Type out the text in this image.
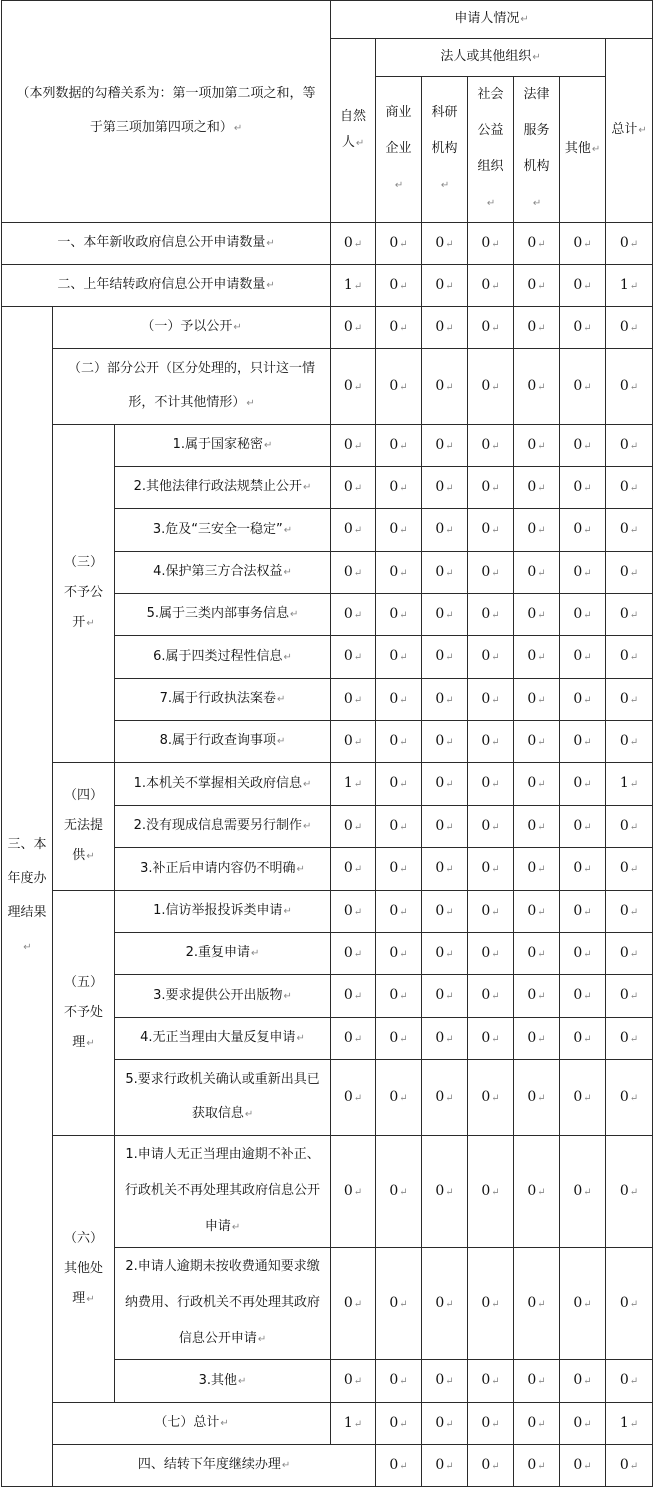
（本列数据的勾稽关系为：第一项加第二项之和，等于第三项加第四项之和）↵			申请人情况↵							
			自然人↵	法人或其他组织↵					总计↵	
				商业企业↵	科研机构↵	社会公益组织↵	法律服务机构↵	其他↵		
一、本年新收政府信息公开申请数量↵			0↵	0↵	0↵	0↵	0↵	0↵	0↵	
二、上年结转政府信息公开申请数量↵			1↵	0↵	0↵	0↵	0↵	0↵	1↵	
三、本年度办理结果↵	（一）予以公开↵		0↵	0↵	0↵	0↵	0↵	0↵	0↵	
	（二）部分公开（区分处理的，只计这一情形，不计其他情形）↵		0↵	0↵	0↵	0↵	0↵	0↵	0↵	
	（三）不予公开↵	1.属于国家秘密↵	0↵	0↵	0↵	0↵	0↵	0↵	0↵	
		2.其他法律行政法规禁止公开↵	0↵	0↵	0↵	0↵	0↵	0↵	0↵	
		3.危及“三安全一稳定”↵	0↵	0↵	0↵	0↵	0↵	0↵	0↵	
		4.保护第三方合法权益↵	0↵	0↵	0↵	0↵	0↵	0↵	0↵	
		5.属于三类内部事务信息↵	0↵	0↵	0↵	0↵	0↵	0↵	0↵	
		6.属于四类过程性信息↵	0↵	0↵	0↵	0↵	0↵	0↵	0↵	
		7.属于行政执法案卷↵	0↵	0↵	0↵	0↵	0↵	0↵	0↵	
		8.属于行政查询事项↵	0↵	0↵	0↵	0↵	0↵	0↵	0↵	
	（四）无法提供↵	1.本机关不掌握相关政府信息↵	1↵	0↵	0↵	0↵	0↵	0↵	1↵	
		2.没有现成信息需要另行制作↵	0↵	0↵	0↵	0↵	0↵	0↵	0↵	
		3.补正后申请内容仍不明确↵	0↵	0↵	0↵	0↵	0↵	0↵	0↵	
	（五）不予处理↵	1.信访举报投诉类申请↵	0↵	0↵	0↵	0↵	0↵	0↵	0↵	
		2.重复申请↵	0↵	0↵	0↵	0↵	0↵	0↵	0↵	
		3.要求提供公开出版物↵	0↵	0↵	0↵	0↵	0↵	0↵	0↵	
		4.无正当理由大量反复申请↵	0↵	0↵	0↵	0↵	0↵	0↵	0↵	
		5.要求行政机关确认或重新出具已获取信息↵	0↵	0↵	0↵	0↵	0↵	0↵	0↵	
	（六）其他处理↵	1.申请人无正当理由逾期不补正、行政机关不再处理其政府信息公开申请↵	0↵	0↵	0↵	0↵	0↵	0↵	0↵	
		2.申请人逾期未按收费通知要求缴纳费用、行政机关不再处理其政府信息公开申请↵	0↵	0↵	0↵	0↵	0↵	0↵	0↵	
		3.其他↵	0↵	0↵	0↵	0↵	0↵	0↵	0↵	
	（七）总计↵		1↵	0↵	0↵	0↵	0↵	0↵	1↵	
	四、结转下年度继续办理↵			0↵	0↵	0↵	0↵	0↵	0↵	
